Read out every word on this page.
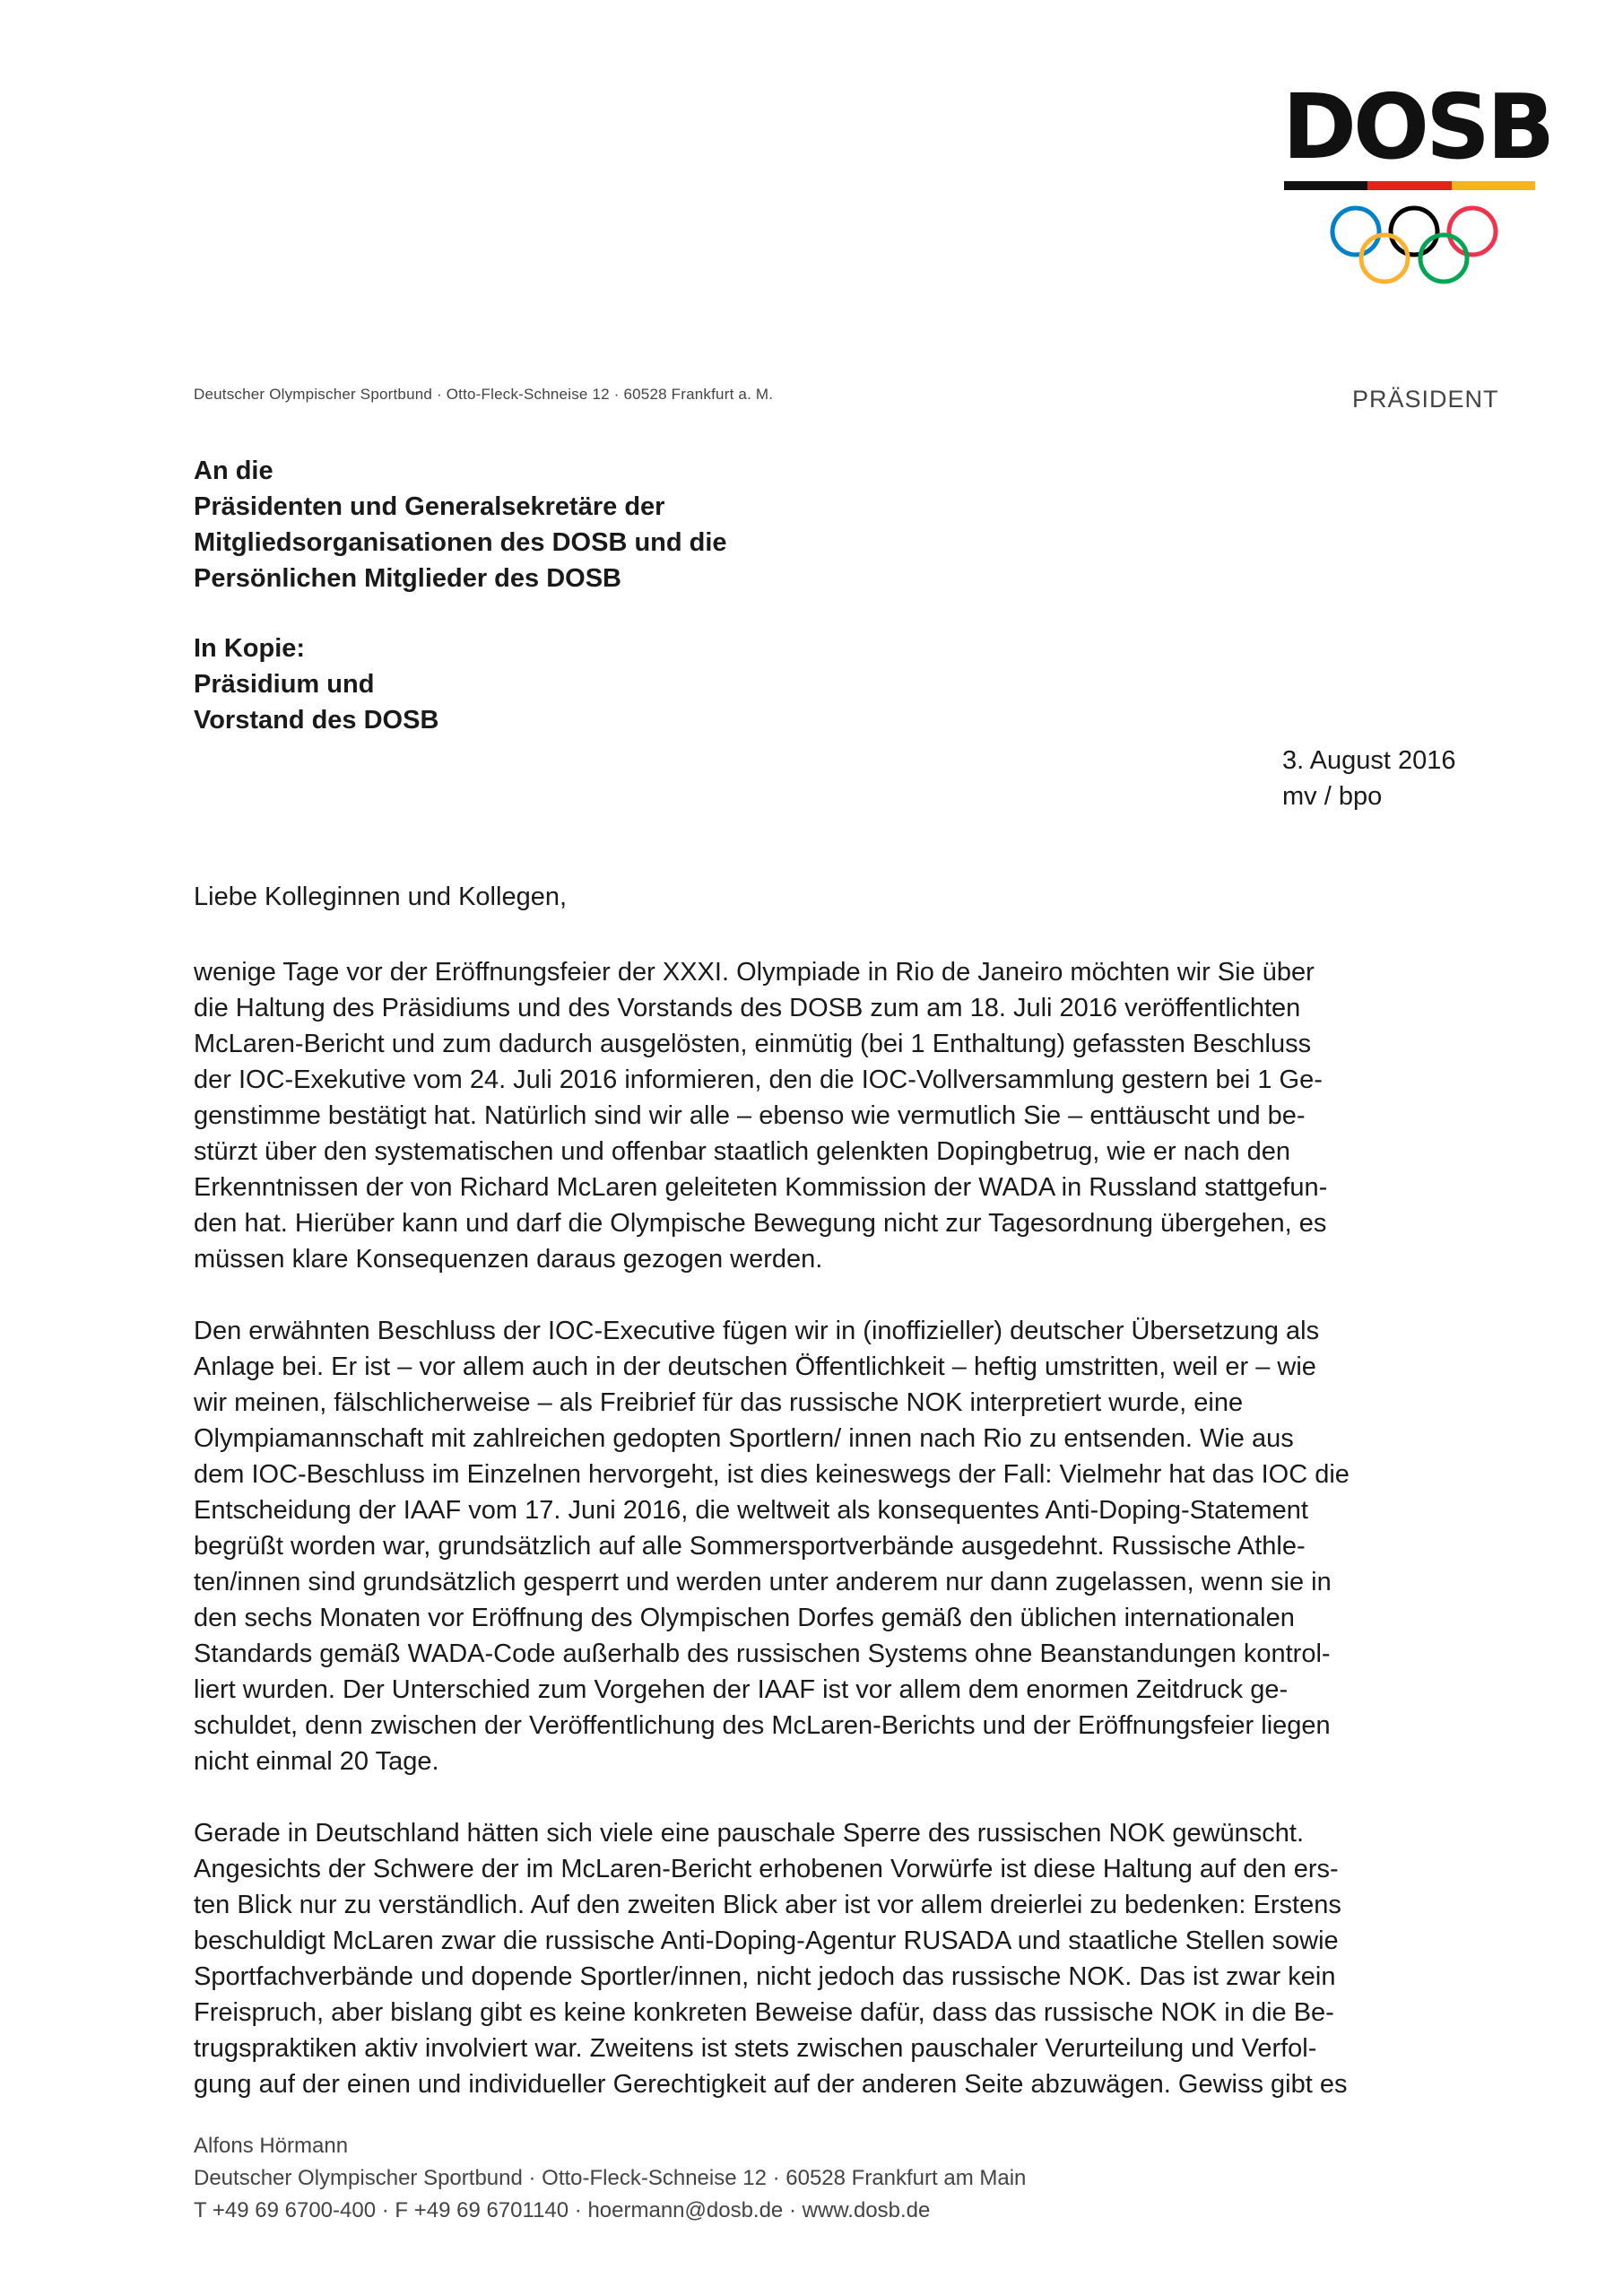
DOSB
Deutscher Olympischer Sportbund · Otto-Fleck-Schneise 12 · 60528 Frankfurt a. M.	PRÄSIDENT
An die
Präsidenten und Generalsekretäre der
Mitgliedsorganisationen des DOSB und die
Persönlichen Mitglieder des DOSB
In Kopie:
Präsidium und
Vorstand des DOSB
3. August 2016
mv / bpo
Liebe Kolleginnen und Kollegen,

wenige Tage vor der Eröffnungsfeier der XXXI. Olympiade in Rio de Janeiro möchten wir Sie über
die Haltung des Präsidiums und des Vorstands des DOSB zum am 18. Juli 2016 veröffentlichten
McLaren-Bericht und zum dadurch ausgelösten, einmütig (bei 1 Enthaltung) gefassten Beschluss
der IOC-Exekutive vom 24. Juli 2016 informieren, den die IOC-Vollversammlung gestern bei 1 Ge-
genstimme bestätigt hat. Natürlich sind wir alle – ebenso wie vermutlich Sie – enttäuscht und be-
stürzt über den systematischen und offenbar staatlich gelenkten Dopingbetrug, wie er nach den
Erkenntnissen der von Richard McLaren geleiteten Kommission der WADA in Russland stattgefun-
den hat. Hierüber kann und darf die Olympische Bewegung nicht zur Tagesordnung übergehen, es
müssen klare Konsequenzen daraus gezogen werden.

Den erwähnten Beschluss der IOC-Executive fügen wir in (inoffizieller) deutscher Übersetzung als
Anlage bei. Er ist – vor allem auch in der deutschen Öffentlichkeit – heftig umstritten, weil er – wie
wir meinen, fälschlicherweise – als Freibrief für das russische NOK interpretiert wurde, eine
Olympiamannschaft mit zahlreichen gedopten Sportlern/ innen nach Rio zu entsenden. Wie aus
dem IOC-Beschluss im Einzelnen hervorgeht, ist dies keineswegs der Fall: Vielmehr hat das IOC die
Entscheidung der IAAF vom 17. Juni 2016, die weltweit als konsequentes Anti-Doping-Statement
begrüßt worden war, grundsätzlich auf alle Sommersportverbände ausgedehnt. Russische Athle-
ten/innen sind grundsätzlich gesperrt und werden unter anderem nur dann zugelassen, wenn sie in
den sechs Monaten vor Eröffnung des Olympischen Dorfes gemäß den üblichen internationalen
Standards gemäß WADA-Code außerhalb des russischen Systems ohne Beanstandungen kontrol-
liert wurden. Der Unterschied zum Vorgehen der IAAF ist vor allem dem enormen Zeitdruck ge-
schuldet, denn zwischen der Veröffentlichung des McLaren-Berichts und der Eröffnungsfeier liegen
nicht einmal 20 Tage.

Gerade in Deutschland hätten sich viele eine pauschale Sperre des russischen NOK gewünscht.
Angesichts der Schwere der im McLaren-Bericht erhobenen Vorwürfe ist diese Haltung auf den ers-
ten Blick nur zu verständlich. Auf den zweiten Blick aber ist vor allem dreierlei zu bedenken: Erstens
beschuldigt McLaren zwar die russische Anti-Doping-Agentur RUSADA und staatliche Stellen sowie
Sportfachverbände und dopende Sportler/innen, nicht jedoch das russische NOK. Das ist zwar kein
Freispruch, aber bislang gibt es keine konkreten Beweise dafür, dass das russische NOK in die Be-
trugspraktiken aktiv involviert war. Zweitens ist stets zwischen pauschaler Verurteilung und Verfol-
gung auf der einen und individueller Gerechtigkeit auf der anderen Seite abzuwägen. Gewiss gibt es

Alfons Hörmann
Deutscher Olympischer Sportbund · Otto-Fleck-Schneise 12 · 60528 Frankfurt am Main
T +49 69 6700-400 · F +49 69 6701140 · hoermann@dosb.de · www.dosb.de
